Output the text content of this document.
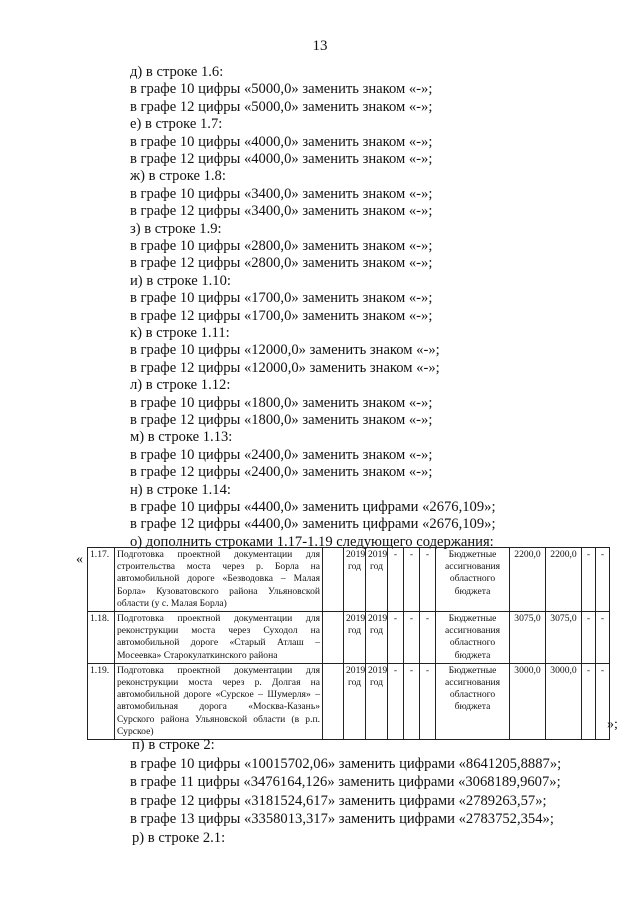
13
д) в строке 1.6:
в графе 10 цифры «5000,0» заменить знаком «-»;
в графе 12 цифры «5000,0» заменить знаком «-»;
е) в строке 1.7:
в графе 10 цифры «4000,0» заменить знаком «-»;
в графе 12 цифры «4000,0» заменить знаком «-»;
ж) в строке 1.8:
в графе 10 цифры «3400,0» заменить знаком «-»;
в графе 12 цифры «3400,0» заменить знаком «-»;
з) в строке 1.9:
в графе 10 цифры «2800,0» заменить знаком «-»;
в графе 12 цифры «2800,0» заменить знаком «-»;
и) в строке 1.10:
в графе 10 цифры «1700,0» заменить знаком «-»;
в графе 12 цифры «1700,0» заменить знаком «-»;
к) в строке 1.11:
в графе 10 цифры «12000,0» заменить знаком «-»;
в графе 12 цифры «12000,0» заменить знаком «-»;
л) в строке 1.12:
в графе 10 цифры «1800,0» заменить знаком «-»;
в графе 12 цифры «1800,0» заменить знаком «-»;
м) в строке 1.13:
в графе 10 цифры «2400,0» заменить знаком «-»;
в графе 12 цифры «2400,0» заменить знаком «-»;
н) в строке 1.14:
в графе 10 цифры «4400,0» заменить цифрами «2676,109»;
в графе 12 цифры «4400,0» заменить цифрами «2676,109»;
о) дополнить строками 1.17-1.19 следующего содержания:
« 1.17.	Подготовка проектной документации для строительства моста через р. Борла на автомобильной дороге «Безводовка – Малая Борла» Кузоватовского района Ульяновской области (у с. Малая Борла)		2019 год	2019 год	-	-	-	Бюджетные ассигнования областного бюджета	2200,0	2200,0	-	-
1.18.	Подготовка проектной документации для реконструкции моста через Суходол на автомобильной дороге «Старый Атлаш – Мосеевка» Старокулаткинского района		2019 год	2019 год	-	-	-	Бюджетные ассигнования областного бюджета	3075,0	3075,0	-	-
1.19.	Подготовка проектной документации для реконструкции моста через р. Долгая на автомобильной дороге «Сурское – Шумерля» – автомобильная дорога «Москва-Казань» Сурского района Ульяновской области (в р.п. Сурское)		2019 год	2019 год	-	-	-	Бюджетные ассигнования областного бюджета	3000,0	3000,0	-	-
»;
п) в строке 2:
в графе 10 цифры «10015702,06» заменить цифрами «8641205,8887»;
в графе 11 цифры «3476164,126» заменить цифрами «3068189,9607»;
в графе 12 цифры «3181524,617» заменить цифрами «2789263,57»;
в графе 13 цифры «3358013,317» заменить цифрами «2783752,354»;
р) в строке 2.1:
